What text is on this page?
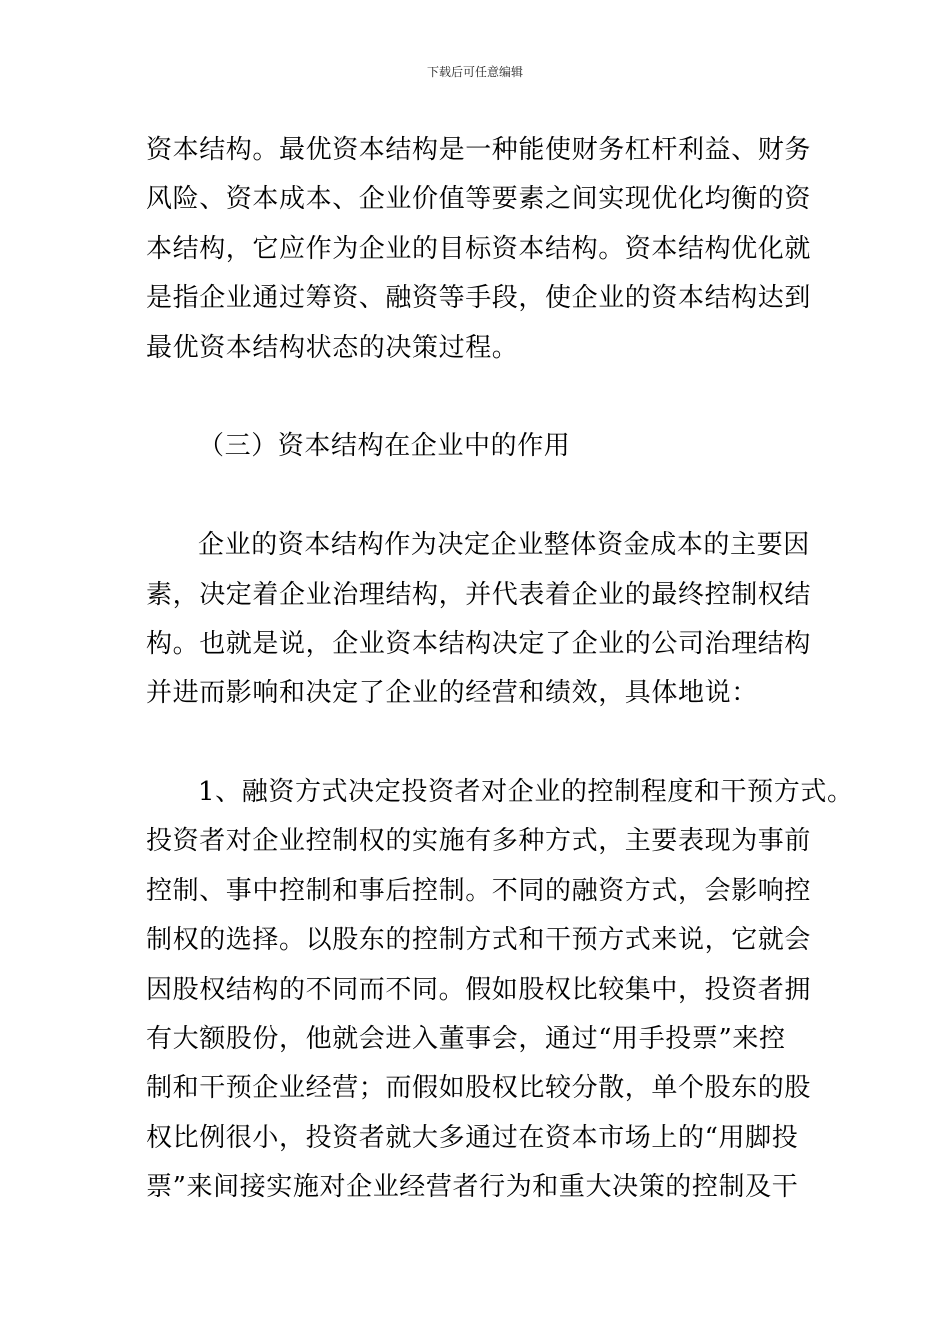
下载后可任意编辑
资本结构。最优资本结构是一种能使财务杠杆利益、财务
风险、资本成本、企业价值等要素之间实现优化均衡的资
本结构，它应作为企业的目标资本结构。资本结构优化就
是指企业通过筹资、融资等手段，使企业的资本结构达到
最优资本结构状态的决策过程。
（三）资本结构在企业中的作用
企业的资本结构作为决定企业整体资金成本的主要因
素，决定着企业治理结构，并代表着企业的最终控制权结
构。也就是说，企业资本结构决定了企业的公司治理结构
并进而影响和决定了企业的经营和绩效，具体地说：
1、融资方式决定投资者对企业的控制程度和干预方式。
投资者对企业控制权的实施有多种方式，主要表现为事前
控制、事中控制和事后控制。不同的融资方式，会影响控
制权的选择。以股东的控制方式和干预方式来说，它就会
因股权结构的不同而不同。假如股权比较集中，投资者拥
有大额股份，他就会进入董事会，通过“用手投票”来控
制和干预企业经营；而假如股权比较分散，单个股东的股
权比例很小，投资者就大多通过在资本市场上的“用脚投
票”来间接实施对企业经营者行为和重大决策的控制及干
